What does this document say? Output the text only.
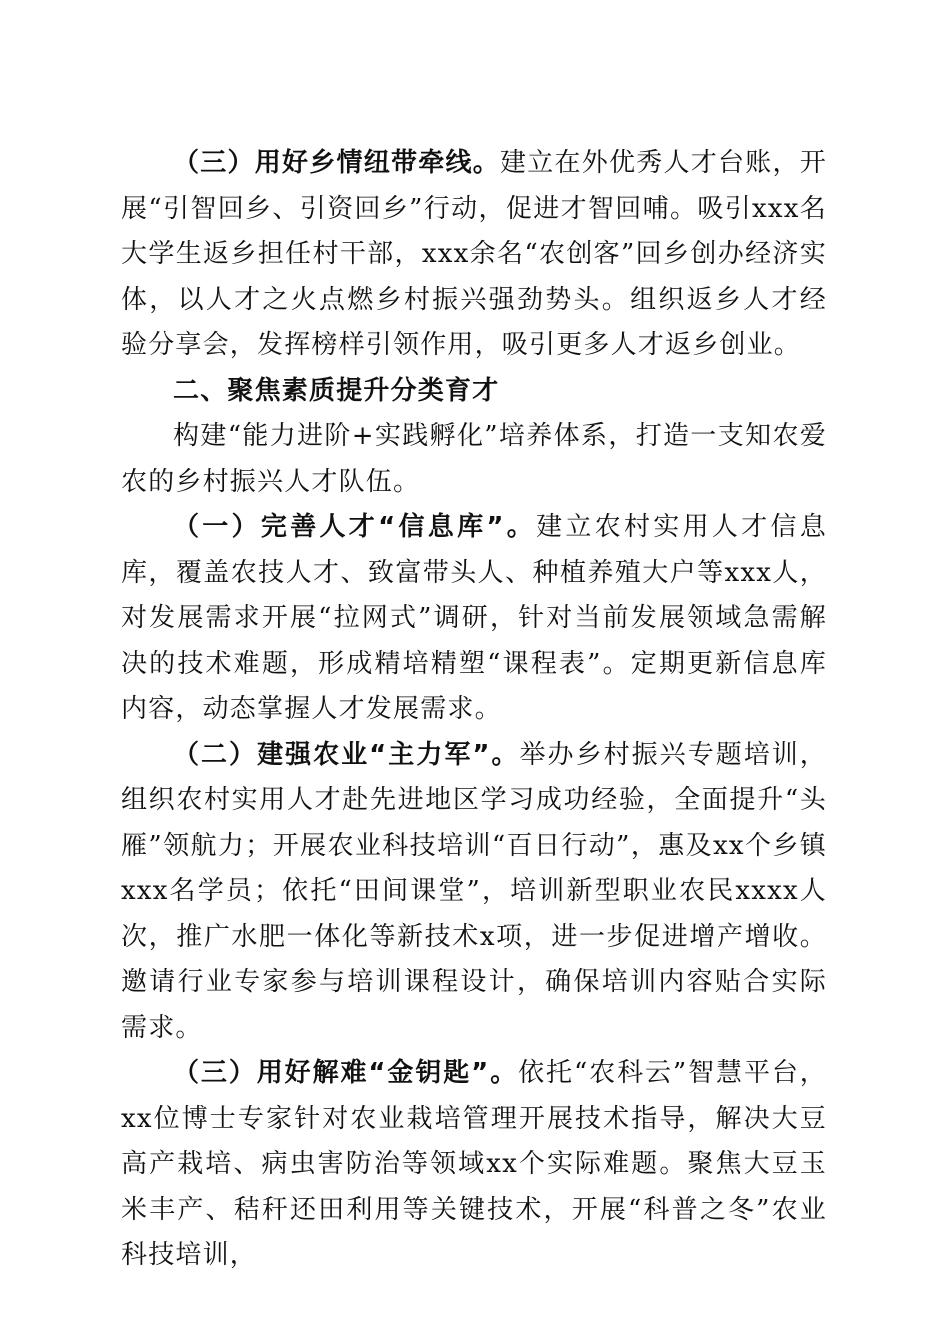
（三）用好乡情纽带牵线。建立在外优秀人才台账，开展“引智回乡、引资回乡”行动，促进才智回哺。吸引xxx名大学生返乡担任村干部，xxx余名“农创客”回乡创办经济实体，以人才之火点燃乡村振兴强劲势头。组织返乡人才经验分享会，发挥榜样引领作用，吸引更多人才返乡创业。

二、聚焦素质提升分类育才

构建“能力进阶+实践孵化”培养体系，打造一支知农爱农的乡村振兴人才队伍。

（一）完善人才“信息库”。建立农村实用人才信息库，覆盖农技人才、致富带头人、种植养殖大户等xxx人，对发展需求开展“拉网式”调研，针对当前发展领域急需解决的技术难题，形成精培精塑“课程表”。定期更新信息库内容，动态掌握人才发展需求。

（二）建强农业“主力军”。举办乡村振兴专题培训，组织农村实用人才赴先进地区学习成功经验，全面提升“头雁”领航力；开展农业科技培训“百日行动”，惠及xx个乡镇xxx名学员；依托“田间课堂”，培训新型职业农民xxxx人次，推广水肥一体化等新技术x项，进一步促进增产增收。邀请行业专家参与培训课程设计，确保培训内容贴合实际需求。

（三）用好解难“金钥匙”。依托“农科云”智慧平台，xx位博士专家针对农业栽培管理开展技术指导，解决大豆高产栽培、病虫害防治等领域xx个实际难题。聚焦大豆玉米丰产、秸秆还田利用等关键技术，开展“科普之冬”农业科技培训，
